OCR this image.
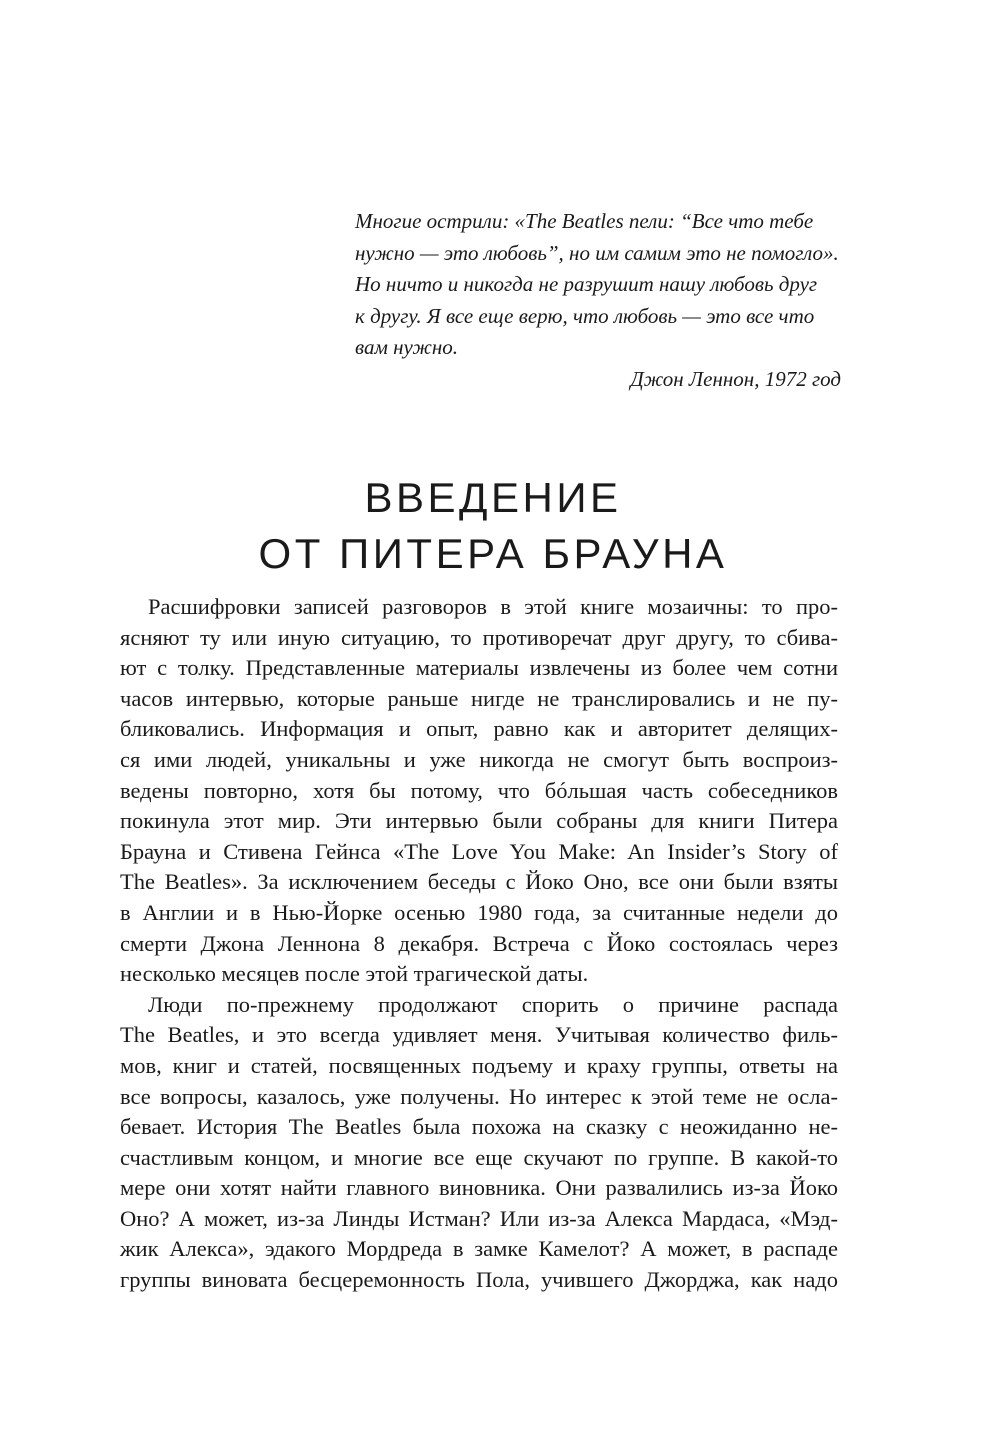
Многие острили: «The Beatles пели: “Все что тебе
нужно — это любовь”, но им самим это не помогло».
Но ничто и никогда не разрушит нашу любовь друг
к другу. Я все еще верю, что любовь — это все что
вам нужно.
Джон Леннон, 1972 год
ВВЕДЕНИЕ
ОТ ПИТЕРА БРАУНА
Расшифровки записей разговоров в этой книге мозаичны: то про-
ясняют ту или иную ситуацию, то противоречат друг другу, то сбива-
ют с толку. Представленные материалы извлечены из более чем сотни
часов интервью, которые раньше нигде не транслировались и не пу-
бликовались. Информация и опыт, равно как и авторитет делящих-
ся ими людей, уникальны и уже никогда не смогут быть воспроиз-
ведены повторно, хотя бы потому, что бóльшая часть собеседников
покинула этот мир. Эти интервью были собраны для книги Питера
Брауна и Стивена Гейнса «The Love You Make: An Insider’s Story of
The Beatles». За исключением беседы с Йоко Оно, все они были взяты
в Англии и в Нью-Йорке осенью 1980 года, за считанные недели до
смерти Джона Леннона 8 декабря. Встреча с Йоко состоялась через
несколько месяцев после этой трагической даты.
Люди по-прежнему продолжают спорить о причине распада
The Beatles, и это всегда удивляет меня. Учитывая количество филь-
мов, книг и статей, посвященных подъему и краху группы, ответы на
все вопросы, казалось, уже получены. Но интерес к этой теме не осла-
бевает. История The Beatles была похожа на сказку с неожиданно не-
счастливым концом, и многие все еще скучают по группе. В какой-то
мере они хотят найти главного виновника. Они развалились из-за Йоко
Оно? А может, из-за Линды Истман? Или из-за Алекса Мардаса, «Мэд-
жик Алекса», эдакого Мордреда в замке Камелот? А может, в распаде
группы виновата бесцеремонность Пола, учившего Джорджа, как надо
